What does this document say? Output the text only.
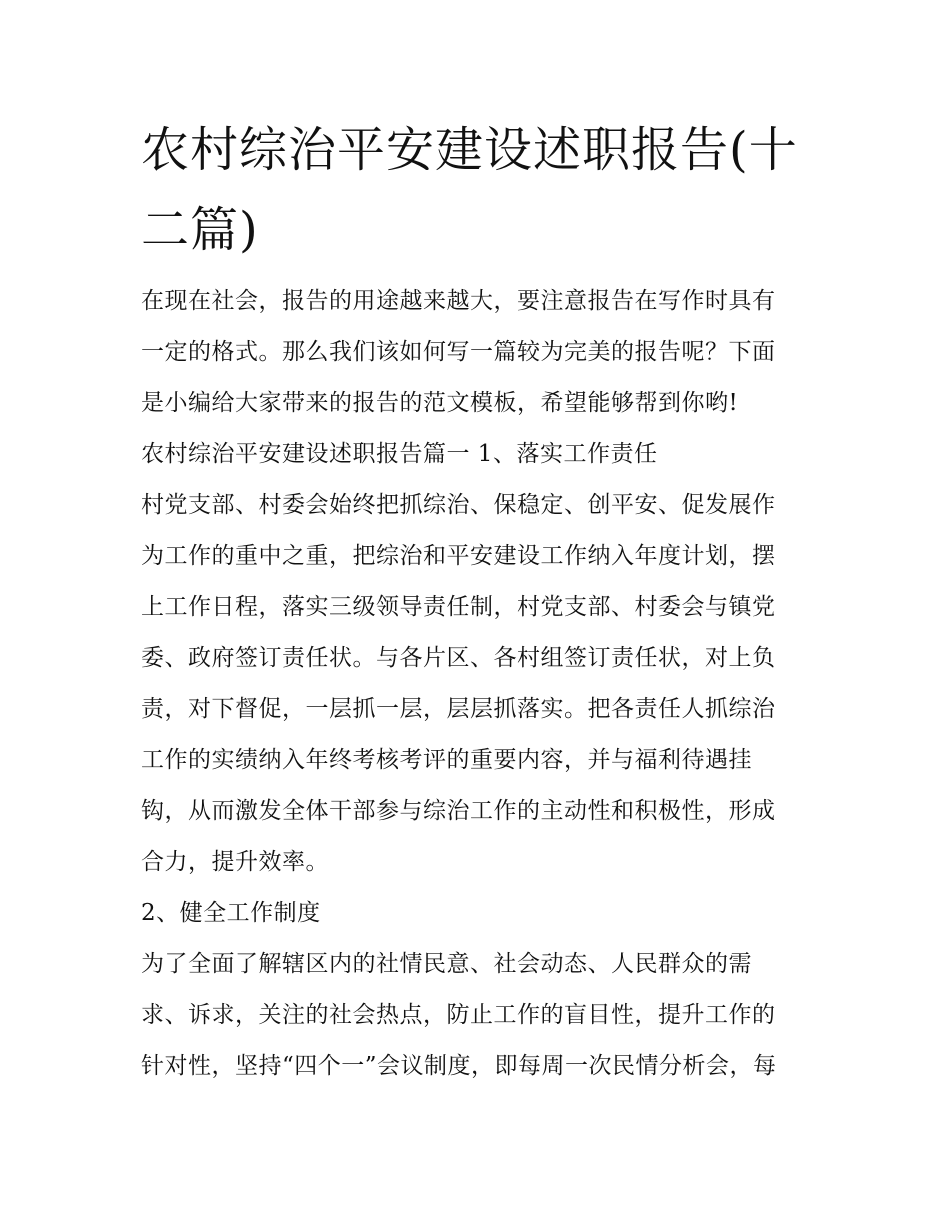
农村综治平安建设述职报告(十二篇)
在现在社会，报告的用途越来越大，要注意报告在写作时具有
一定的格式。那么我们该如何写一篇较为完美的报告呢？下面
是小编给大家带来的报告的范文模板，希望能够帮到你哟!
农村综治平安建设述职报告篇一 1、落实工作责任
村党支部、村委会始终把抓综治、保稳定、创平安、促发展作
为工作的重中之重，把综治和平安建设工作纳入年度计划，摆
上工作日程，落实三级领导责任制，村党支部、村委会与镇党
委、政府签订责任状。与各片区、各村组签订责任状，对上负
责，对下督促，一层抓一层，层层抓落实。把各责任人抓综治
工作的实绩纳入年终考核考评的重要内容，并与福利待遇挂
钩，从而激发全体干部参与综治工作的主动性和积极性，形成
合力，提升效率。
2、健全工作制度
为了全面了解辖区内的社情民意、社会动态、人民群众的需
求、诉求，关注的社会热点，防止工作的盲目性，提升工作的
针对性，坚持“四个一”会议制度，即每周一次民情分析会，每
